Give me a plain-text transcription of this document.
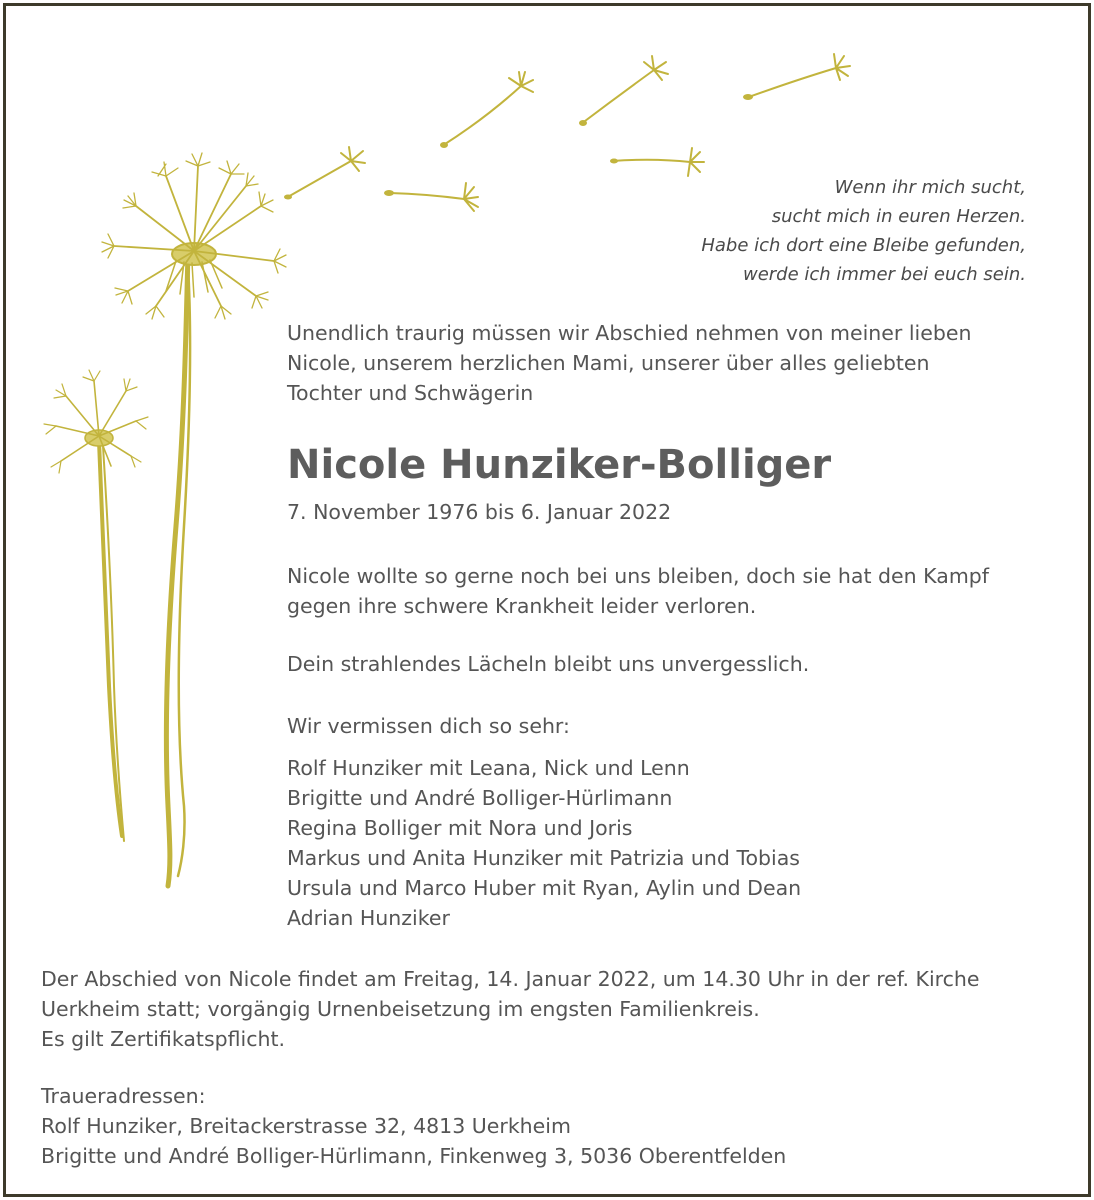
Wenn ihr mich sucht,
sucht mich in euren Herzen.
Habe ich dort eine Bleibe gefunden,
werde ich immer bei euch sein.
Unendlich traurig müssen wir Abschied nehmen von meiner lieben
Nicole, unserem herzlichen Mami, unserer über alles geliebten
Tochter und Schwägerin
Nicole Hunziker-Bolliger
7. November 1976 bis 6. Januar 2022
Nicole wollte so gerne noch bei uns bleiben, doch sie hat den Kampf
gegen ihre schwere Krankheit leider verloren.
Dein strahlendes Lächeln bleibt uns unvergesslich.
Wir vermissen dich so sehr:
Rolf Hunziker mit Leana, Nick und Lenn
Brigitte und André Bolliger-Hürlimann
Regina Bolliger mit Nora und Joris
Markus und Anita Hunziker mit Patrizia und Tobias
Ursula und Marco Huber mit Ryan, Aylin und Dean
Adrian Hunziker
Der Abschied von Nicole findet am Freitag, 14. Januar 2022, um 14.30 Uhr in der ref. Kirche
Uerkheim statt; vorgängig Urnenbeisetzung im engsten Familienkreis.
Es gilt Zertifikatspflicht.
Traueradressen:
Rolf Hunziker, Breitackerstrasse 32, 4813 Uerkheim
Brigitte und André Bolliger-Hürlimann, Finkenweg 3, 5036 Oberentfelden
